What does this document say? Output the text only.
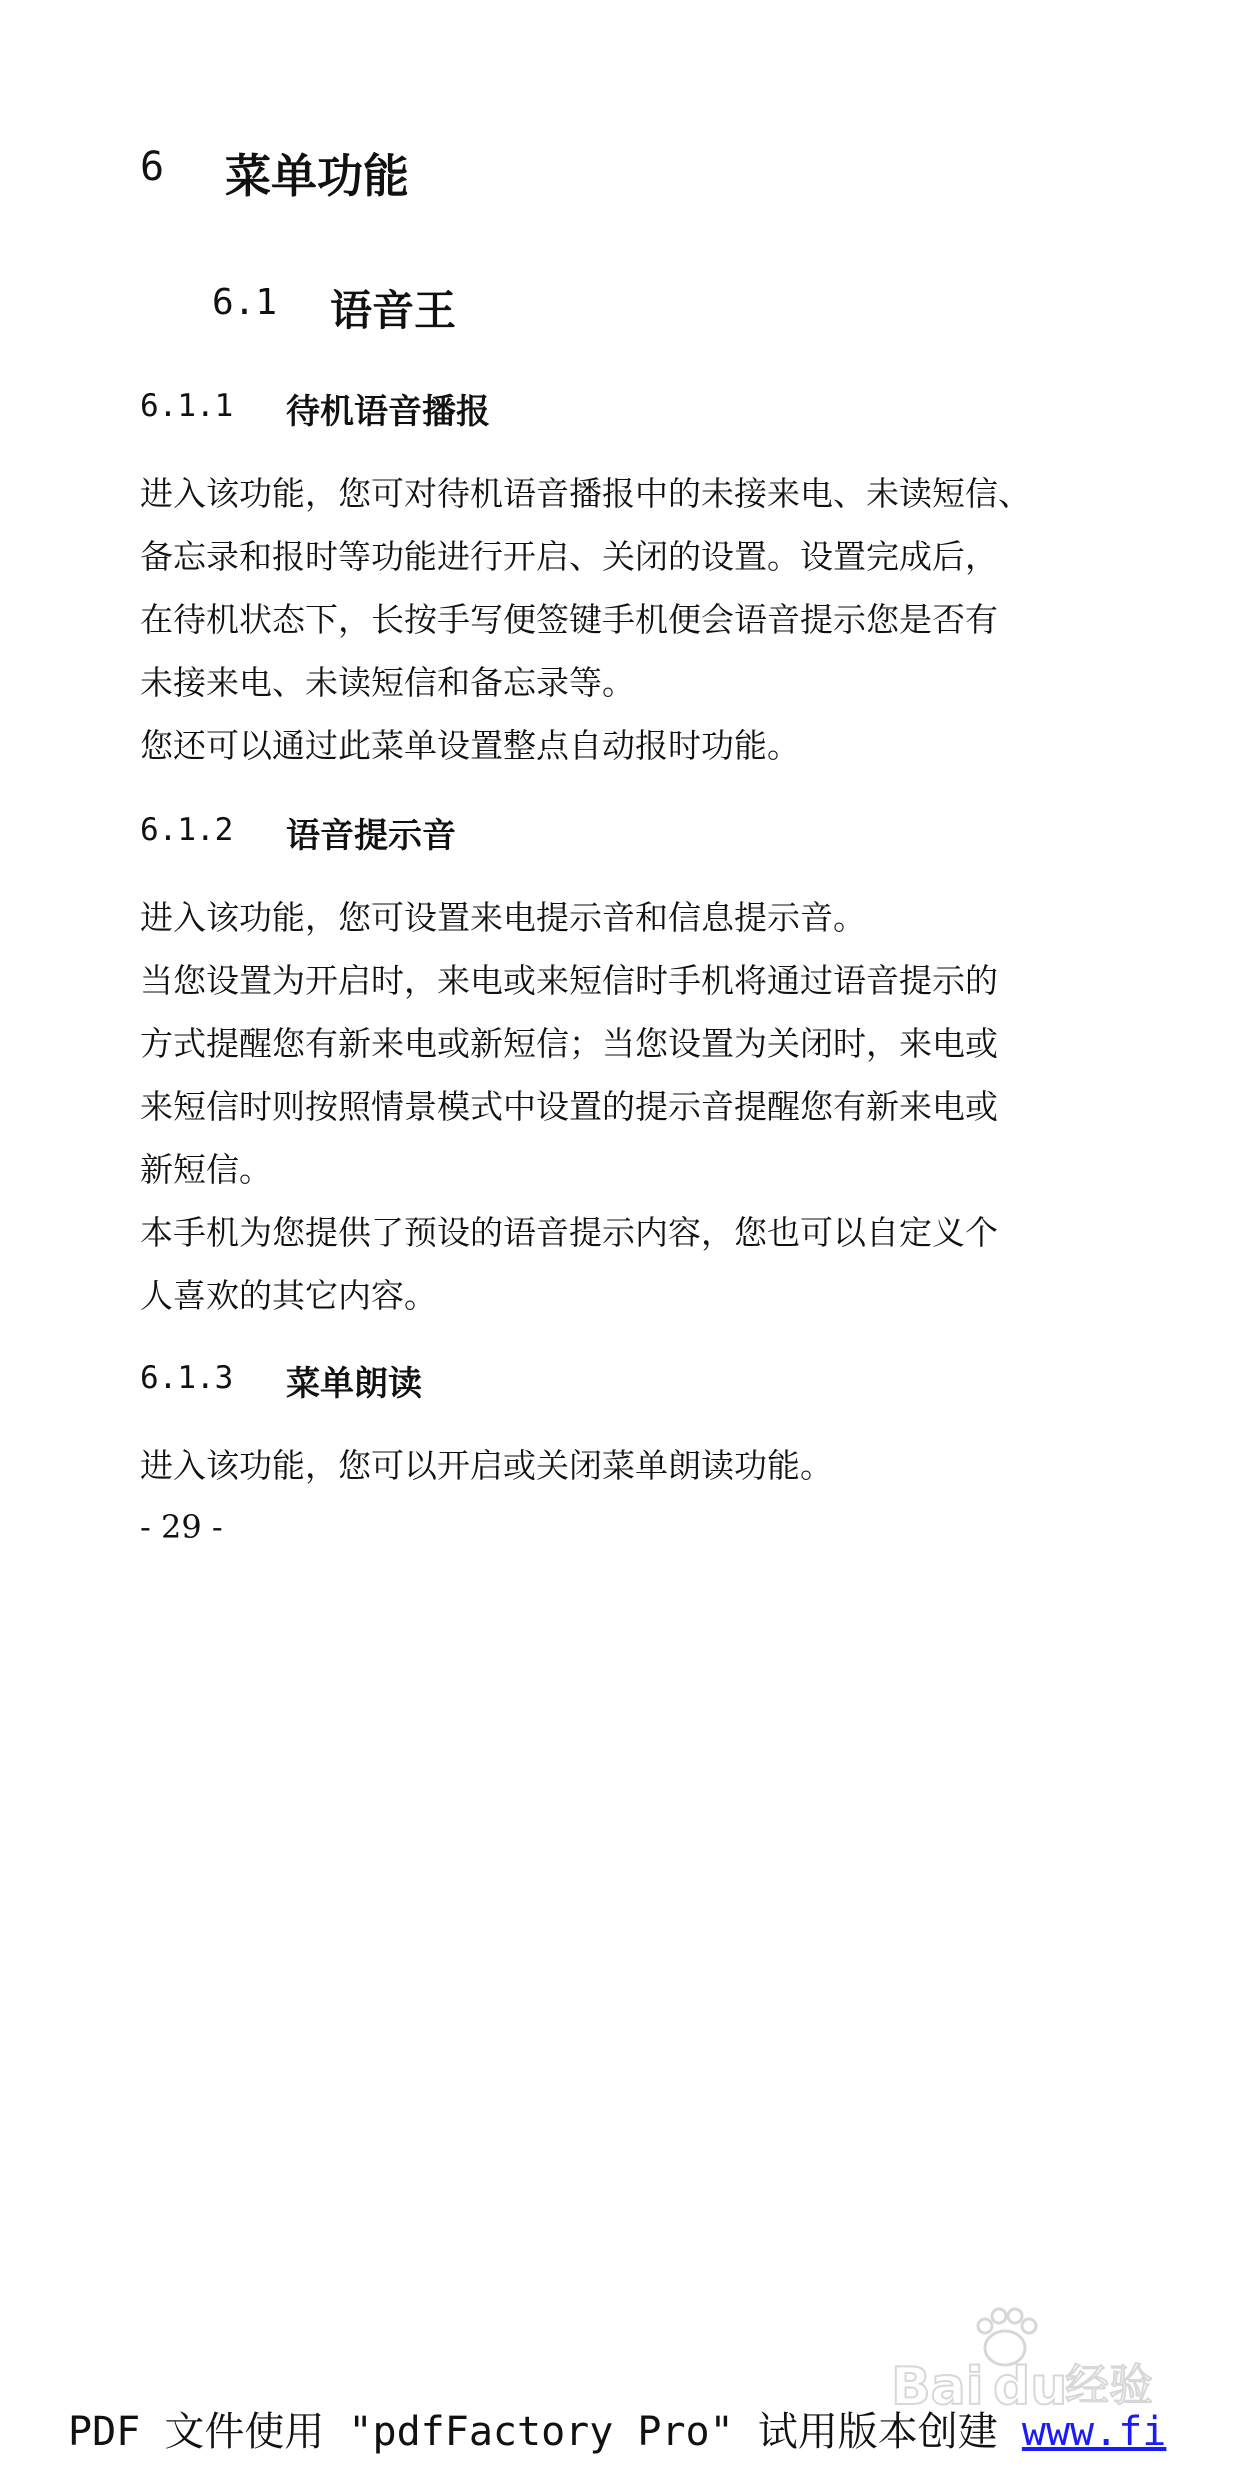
6 菜单功能
6.1 语音王
6.1.1 待机语音播报
进入该功能，您可对待机语音播报中的未接来电、未读短信、
备忘录和报时等功能进行开启、关闭的设置。设置完成后，
在待机状态下，长按手写便签键手机便会语音提示您是否有
未接来电、未读短信和备忘录等。
您还可以通过此菜单设置整点自动报时功能。
6.1.2 语音提示音
进入该功能，您可设置来电提示音和信息提示音。
当您设置为开启时，来电或来短信时手机将通过语音提示的
方式提醒您有新来电或新短信；当您设置为关闭时，来电或
来短信时则按照情景模式中设置的提示音提醒您有新来电或
新短信。
本手机为您提供了预设的语音提示内容，您也可以自定义个
人喜欢的其它内容。
6.1.3 菜单朗读
进入该功能，您可以开启或关闭菜单朗读功能。
- 29 -
Bai du
经验
PDF 文件使用 "pdfFactory Pro" 试用版本创建 www.fi
